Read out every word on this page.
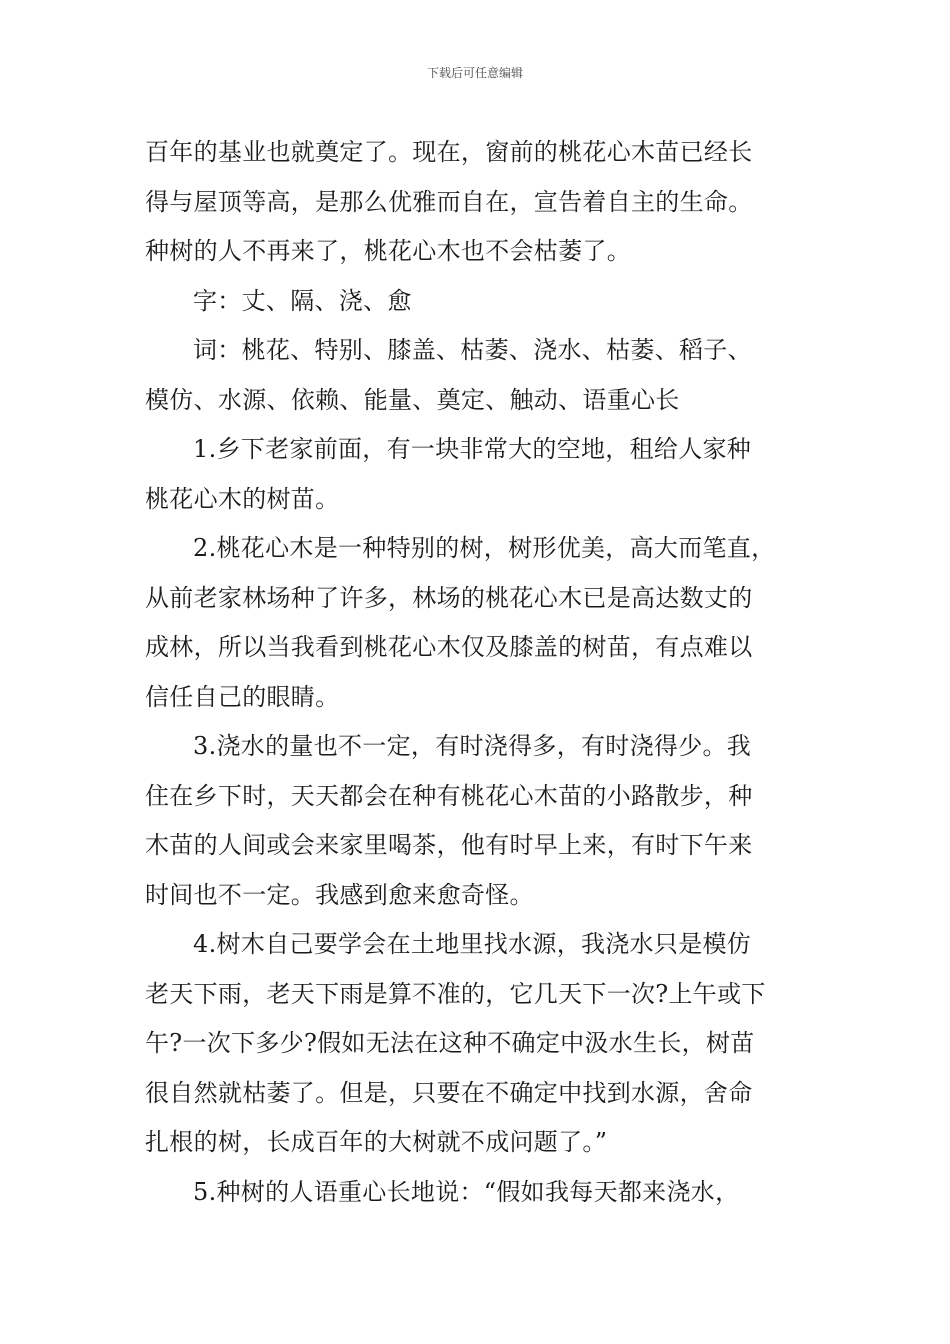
下载后可任意编辑
百年的基业也就奠定了。现在，窗前的桃花心木苗已经长
得与屋顶等高，是那么优雅而自在，宣告着自主的生命。
种树的人不再来了，桃花心木也不会枯萎了。
字：丈、隔、浇、愈
词：桃花、特别、膝盖、枯萎、浇水、枯萎、稻子、
模仿、水源、依赖、能量、奠定、触动、语重心长
1.乡下老家前面，有一块非常大的空地，租给人家种
桃花心木的树苗。
2.桃花心木是一种特别的树，树形优美，高大而笔直，
从前老家林场种了许多，林场的桃花心木已是高达数丈的
成林，所以当我看到桃花心木仅及膝盖的树苗，有点难以
信任自己的眼睛。
3.浇水的量也不一定，有时浇得多，有时浇得少。我
住在乡下时，天天都会在种有桃花心木苗的小路散步，种
木苗的人间或会来家里喝茶，他有时早上来，有时下午来
时间也不一定。我感到愈来愈奇怪。
4.树木自己要学会在土地里找水源，我浇水只是模仿
老天下雨，老天下雨是算不准的，它几天下一次?上午或下
午?一次下多少?假如无法在这种不确定中汲水生长，树苗
很自然就枯萎了。但是，只要在不确定中找到水源，舍命
扎根的树，长成百年的大树就不成问题了。”
5.种树的人语重心长地说：“假如我每天都来浇水，
